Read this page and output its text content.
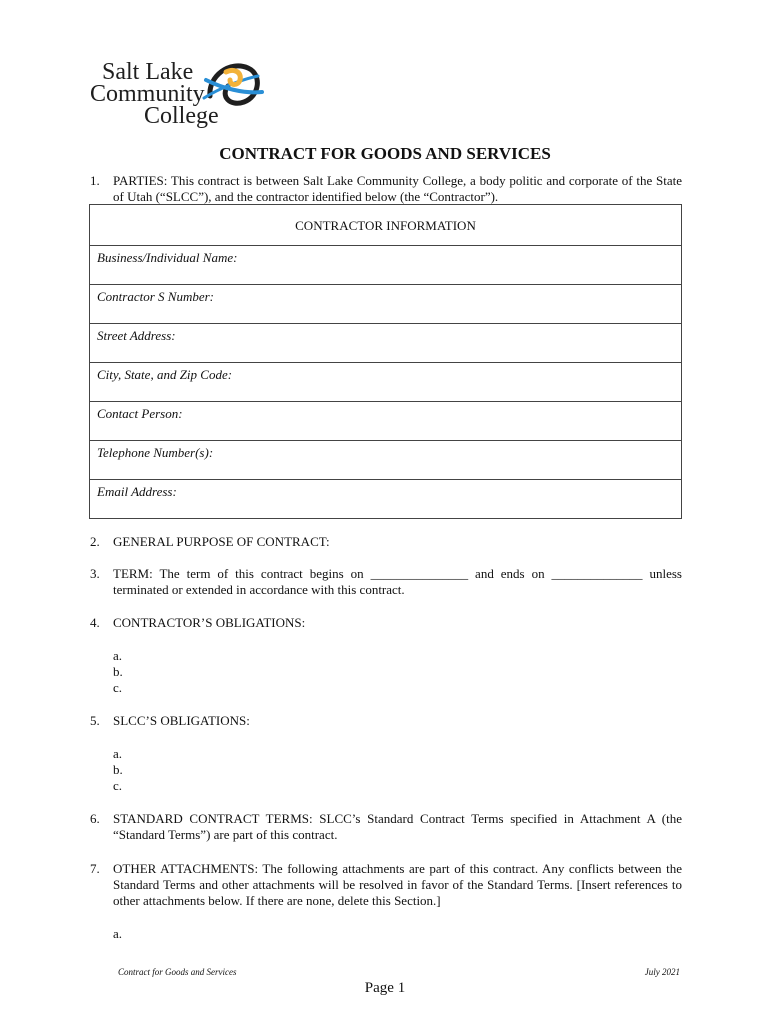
Salt Lake
Community
College
CONTRACT FOR GOODS AND SERVICES
1. PARTIES: This contract is between Salt Lake Community College, a body politic and corporate of the State of Utah (“SLCC”), and the contractor identified below (the “Contractor”).
CONTRACTOR INFORMATION
Business/Individual Name:
Contractor S Number:
Street Address:
City, State, and Zip Code:
Contact Person:
Telephone Number(s):
Email Address:
2. GENERAL PURPOSE OF CONTRACT:
3. TERM: The term of this contract begins on _______________ and ends on ______________ unless terminated or extended in accordance with this contract.
4. CONTRACTOR’S OBLIGATIONS:
a.
b.
c.
5. SLCC’S OBLIGATIONS:
a.
b.
c.
6. STANDARD CONTRACT TERMS: SLCC’s Standard Contract Terms specified in Attachment A (the “Standard Terms”) are part of this contract.
7. OTHER ATTACHMENTS: The following attachments are part of this contract. Any conflicts between the Standard Terms and other attachments will be resolved in favor of the Standard Terms. [Insert references to other attachments below. If there are none, delete this Section.]
a.
Contract for Goods and Services	July 2021
Page 1
